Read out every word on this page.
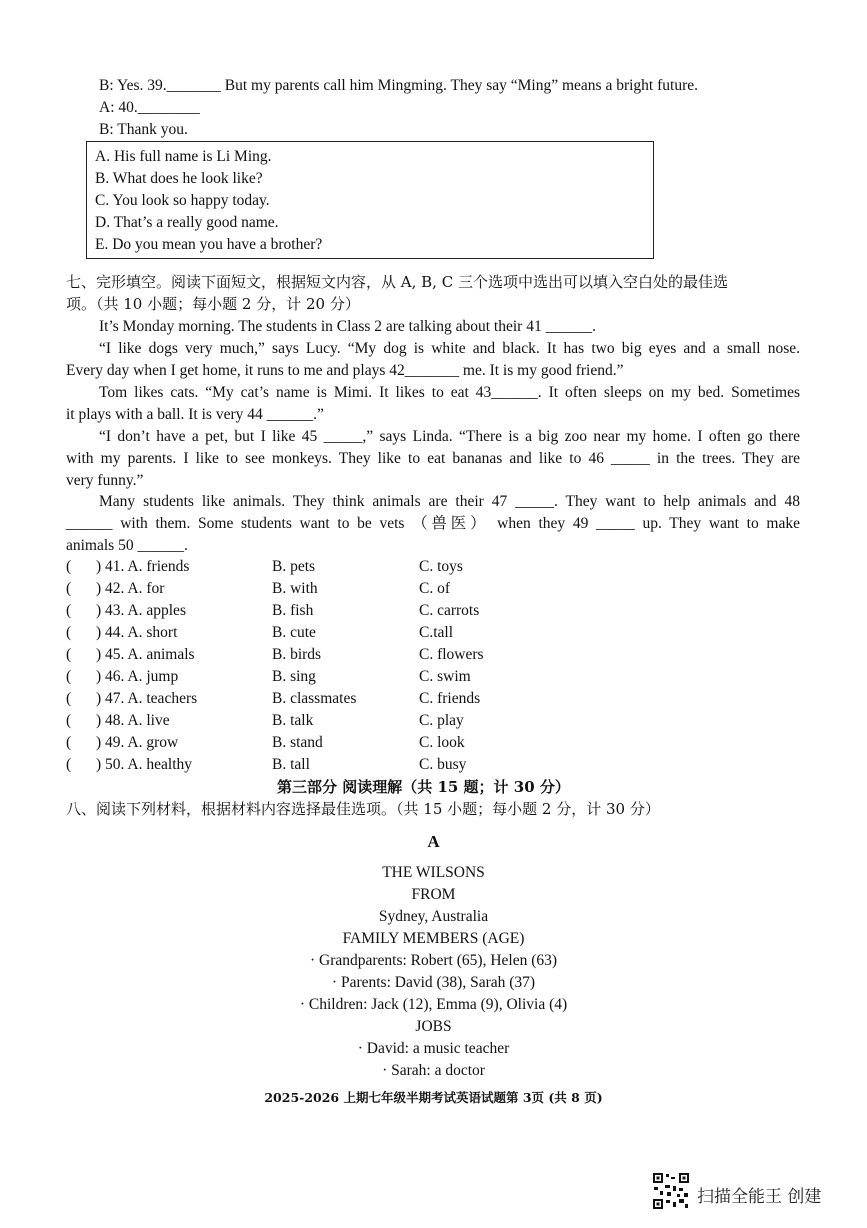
B: Yes. 39._______ But my parents call him Mingming. They say “Ming” means a bright future.
A: 40.________
B: Thank you.
A. His full name is Li Ming.
B. What does he look like?
C. You look so happy today.
D. That’s a really good name.
E. Do you mean you have a brother?
七、完形填空。阅读下面短文，根据短文内容，从 A, B, C 三个选项中选出可以填入空白处的最佳选
项。（共 10 小题；每小题 2 分，计 20 分）
It’s Monday morning. The students in Class 2 are talking about their 41 ______.
“I like dogs very much,” says Lucy. “My dog is white and black. It has two big eyes and a small nose.
Every day when I get home, it runs to me and plays 42_______ me. It is my good friend.”
Tom likes cats. “My cat’s name is Mimi. It likes to eat 43______. It often sleeps on my bed. Sometimes
it plays with a ball. It is very 44 ______.”
“I don’t have a pet, but I like 45 _____,” says Linda. “There is a big zoo near my home. I often go there
with my parents. I like to see monkeys. They like to eat bananas and like to 46 _____ in the trees. They are
very funny.”
Many students like animals. They think animals are their 47 _____. They want to help animals and 48
______ with them. Some students want to be vets （兽医） when they 49 _____ up. They want to make
animals 50 ______.
( ) 41. A. friends	B. pets	C. toys
( ) 42. A. for	B. with	C. of
( ) 43. A. apples	B. fish	C. carrots
( ) 44. A. short	B. cute	C.tall
( ) 45. A. animals	B. birds	C. flowers
( ) 46. A. jump	B. sing	C. swim
( ) 47. A. teachers	B. classmates	C. friends
( ) 48. A. live	B. talk	C. play
( ) 49. A. grow	B. stand	C. look
( ) 50. A. healthy	B. tall	C. busy
第三部分 阅读理解（共 15 题；计 30 分）
八、阅读下列材料，根据材料内容选择最佳选项。（共 15 小题；每小题 2 分，计 30 分）
A
THE WILSONS
FROM
Sydney, Australia
FAMILY MEMBERS (AGE)
· Grandparents: Robert (65), Helen (63)
· Parents: David (38), Sarah (37)
· Children: Jack (12), Emma (9), Olivia (4)
JOBS
· David: a music teacher
· Sarah: a doctor
2025-2026 上期七年级半期考试英语试题第 3页 (共 8 页)
扫描全能王 创建
